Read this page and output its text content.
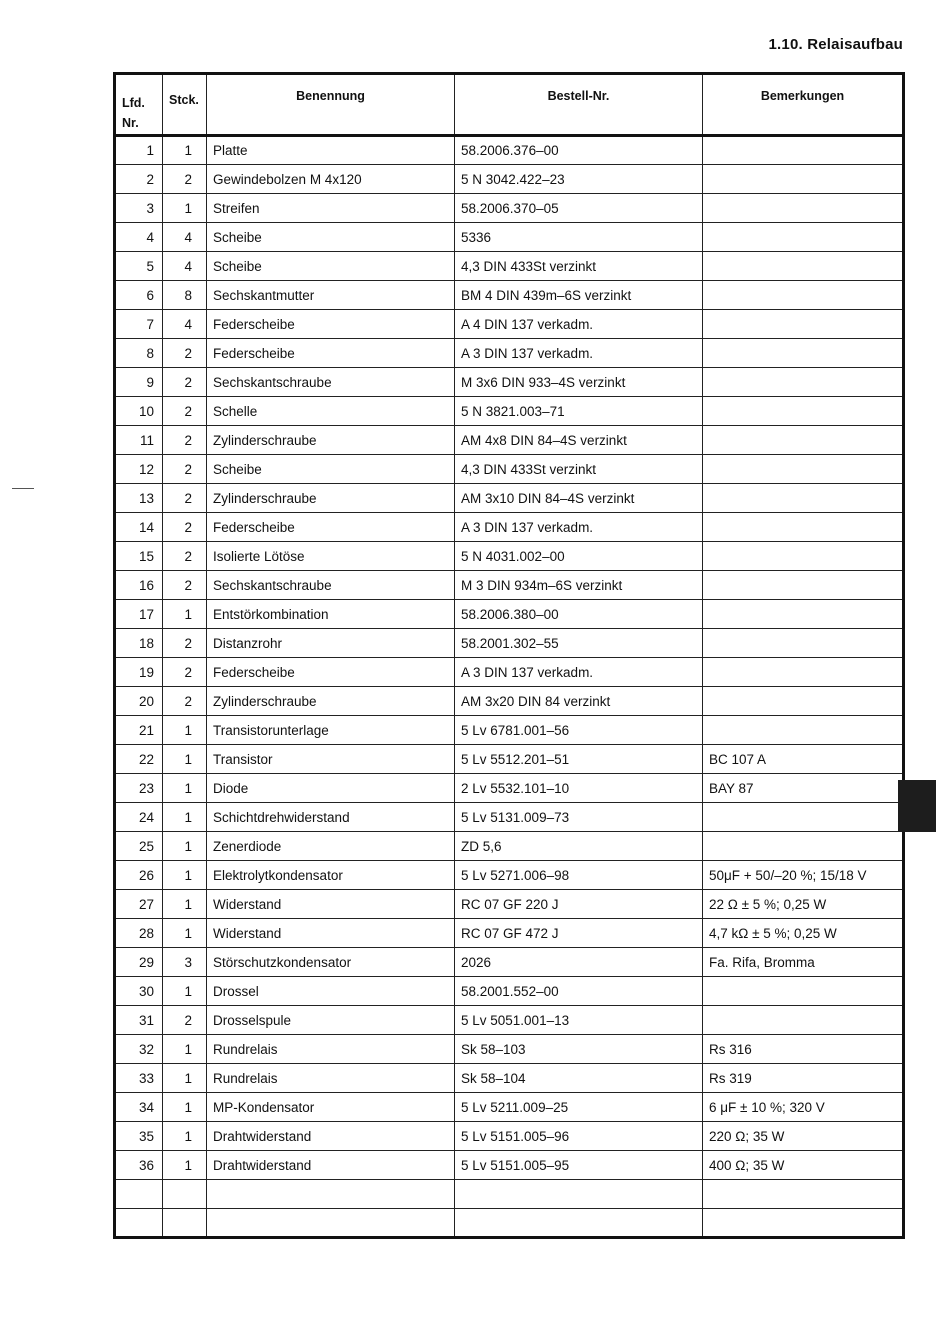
1.10. Relaisaufbau
Lfd.
Nr.	Stck.	Benennung	Bestell-Nr.	Bemerkungen
1	1	Platte	58.2006.376–00	
2	2	Gewindebolzen M 4x120	5 N 3042.422–23	
3	1	Streifen	58.2006.370–05	
4	4	Scheibe	5336	
5	4	Scheibe	4,3 DIN 433St verzinkt	
6	8	Sechskantmutter	BM 4 DIN 439m–6S verzinkt	
7	4	Federscheibe	A 4 DIN 137 verkadm.	
8	2	Federscheibe	A 3 DIN 137 verkadm.	
9	2	Sechskantschraube	M 3x6 DIN 933–4S verzinkt	
10	2	Schelle	5 N 3821.003–71	
11	2	Zylinderschraube	AM 4x8 DIN 84–4S verzinkt	
12	2	Scheibe	4,3 DIN 433St verzinkt	
13	2	Zylinderschraube	AM 3x10 DIN 84–4S verzinkt	
14	2	Federscheibe	A 3 DIN 137 verkadm.	
15	2	Isolierte Lötöse	5 N 4031.002–00	
16	2	Sechskantschraube	M 3 DIN 934m–6S verzinkt	
17	1	Entstörkombination	58.2006.380–00	
18	2	Distanzrohr	58.2001.302–55	
19	2	Federscheibe	A 3 DIN 137 verkadm.	
20	2	Zylinderschraube	AM 3x20 DIN 84 verzinkt	
21	1	Transistorunterlage	5 Lv 6781.001–56	
22	1	Transistor	5 Lv 5512.201–51	BC 107 A
23	1	Diode	2 Lv 5532.101–10	BAY 87
24	1	Schichtdrehwiderstand	5 Lv 5131.009–73	
25	1	Zenerdiode	ZD 5,6	
26	1	Elektrolytkondensator	5 Lv 5271.006–98	50μF + 50/–20 %; 15/18 V
27	1	Widerstand	RC 07 GF 220 J	22 Ω ± 5 %; 0,25 W
28	1	Widerstand	RC 07 GF 472 J	4,7 kΩ ± 5 %; 0,25 W
29	3	Störschutzkondensator	2026	Fa. Rifa, Bromma
30	1	Drossel	58.2001.552–00	
31	2	Drosselspule	5 Lv 5051.001–13	
32	1	Rundrelais	Sk 58–103	Rs 316
33	1	Rundrelais	Sk 58–104	Rs 319
34	1	MP-Kondensator	5 Lv 5211.009–25	6 μF ± 10 %; 320 V
35	1	Drahtwiderstand	5 Lv 5151.005–96	220 Ω; 35 W
36	1	Drahtwiderstand	5 Lv 5151.005–95	400 Ω; 35 W
